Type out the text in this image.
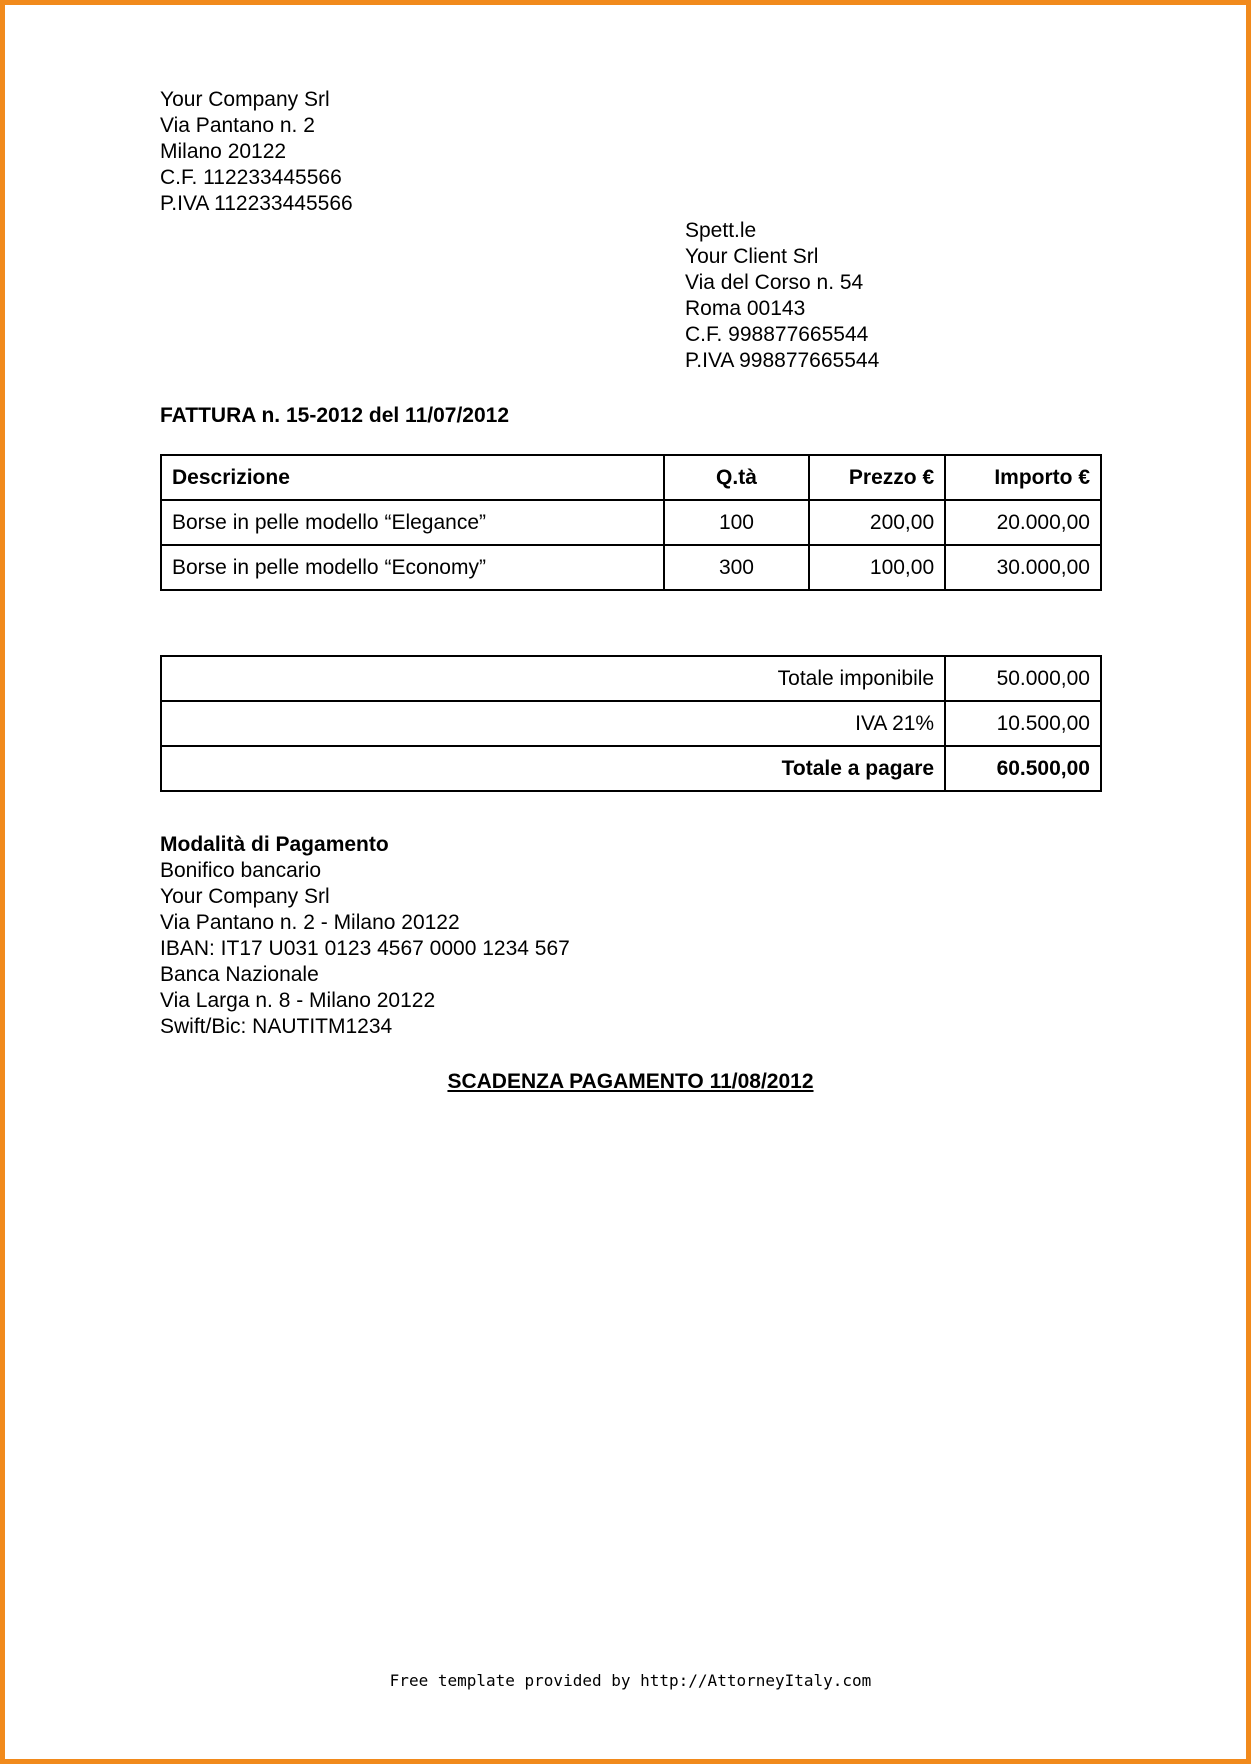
Your Company Srl
Via Pantano n. 2
Milano 20122
C.F. 112233445566
P.IVA 112233445566
Spett.le
Your Client Srl
Via del Corso n. 54
Roma 00143
C.F. 998877665544
P.IVA 998877665544
FATTURA n. 15-2012 del 11/07/2012
Descrizione	Q.tà	Prezzo €	Importo €
Borse in pelle modello “Elegance”	100	200,00	20.000,00
Borse in pelle modello “Economy”	300	100,00	30.000,00
Totale imponibile	50.000,00
IVA 21%	10.500,00
Totale a pagare	60.500,00
Modalità di Pagamento
Bonifico bancario
Your Company Srl
Via Pantano n. 2 - Milano 20122
IBAN: IT17 U031 0123 4567 0000 1234 567
Banca Nazionale
Via Larga n. 8 - Milano 20122
Swift/Bic: NAUTITM1234
SCADENZA PAGAMENTO 11/08/2012
Free template provided by http://AttorneyItaly.com
